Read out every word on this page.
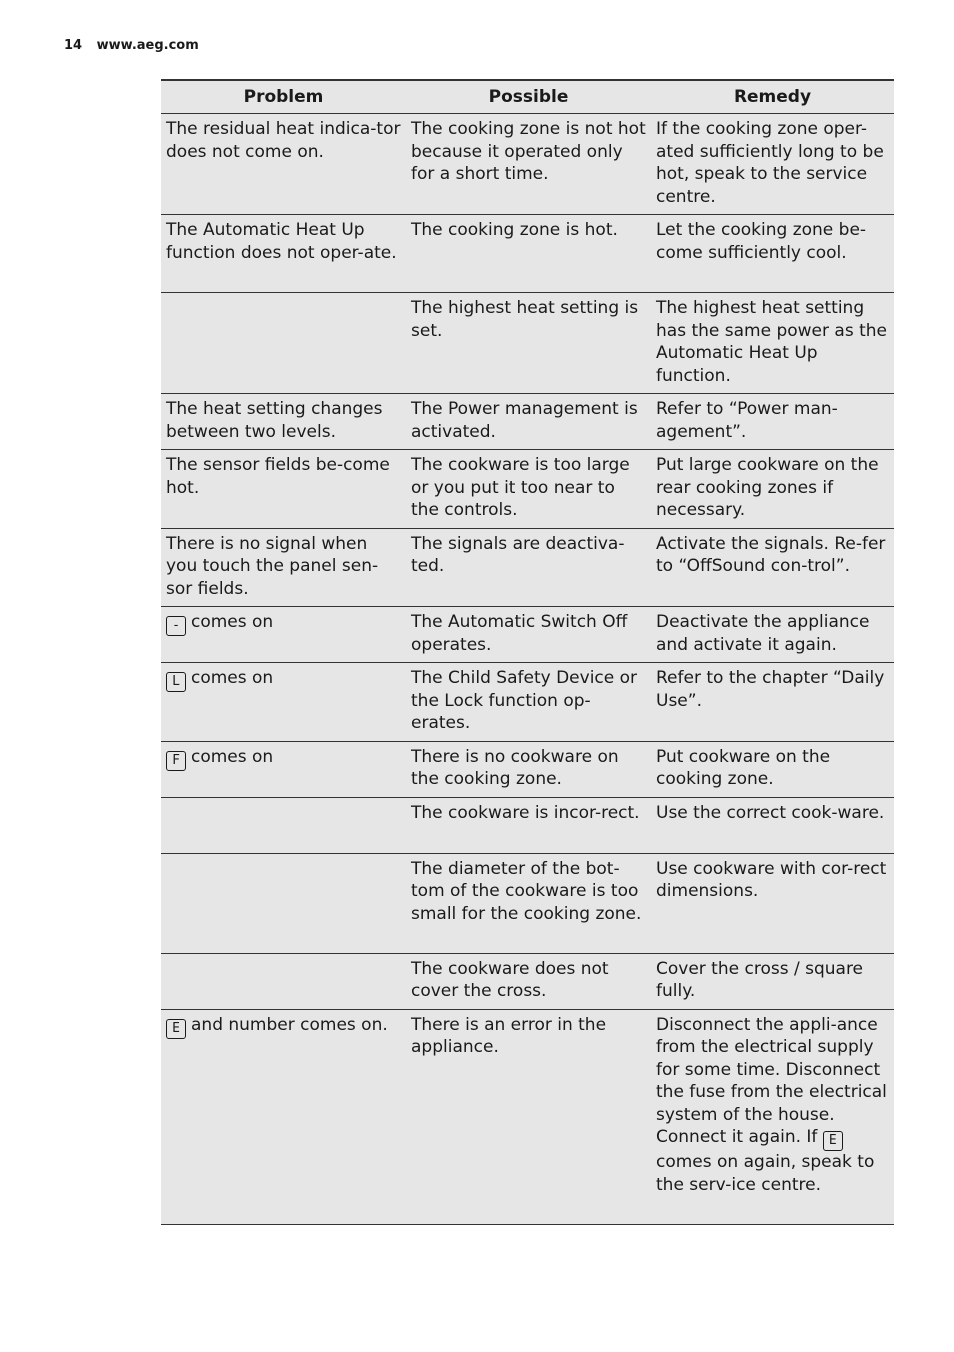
14 www.aeg.com
Problem	Possible	Remedy
The residual heat indica-tor does not come on.	The cooking zone is not hot because it operated only for a short time.	If the cooking zone oper-ated sufficiently long to be hot, speak to the service centre.
The Automatic Heat Up function does not oper-ate.	The cooking zone is hot.	Let the cooking zone be-come sufficiently cool.
	The highest heat setting is set.	The highest heat setting has the same power as the Automatic Heat Up function.
The heat setting changes between two levels.	The Power management is activated.	Refer to “Power man-agement”.
The sensor fields be-come hot.	The cookware is too large or you put it too near to the controls.	Put large cookware on the rear cooking zones if necessary.
There is no signal when you touch the panel sen-sor fields.	The signals are deactiva-ted.	Activate the signals. Re-fer to “OffSound con-trol”.
- comes on	The Automatic Switch Off operates.	Deactivate the appliance and activate it again.
L comes on	The Child Safety Device or the Lock function op-erates.	Refer to the chapter “Daily Use”.
F comes on	There is no cookware on the cooking zone.	Put cookware on the cooking zone.
	The cookware is incor-rect.	Use the correct cook-ware.
	The diameter of the bot-tom of the cookware is too small for the cooking zone.	Use cookware with cor-rect dimensions.
	The cookware does not cover the cross.	Cover the cross / square fully.
E and number comes on.	There is an error in the appliance.	Disconnect the appli-ance from the electrical supply for some time. Disconnect the fuse from the electrical system of the house. Connect it again. If Ecomes on again, speak to the serv-ice centre.
